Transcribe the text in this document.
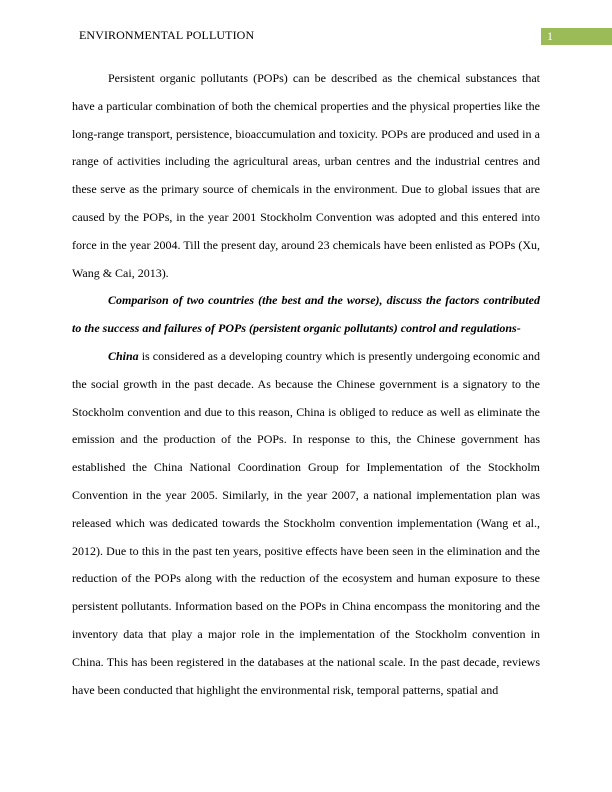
ENVIRONMENTAL POLLUTION	1

Persistent organic pollutants (POPs) can be described as the chemical substances that have a particular combination of both the chemical properties and the physical properties like the long-range transport, persistence, bioaccumulation and toxicity. POPs are produced and used in a range of activities including the agricultural areas, urban centres and the industrial centres and these serve as the primary source of chemicals in the environment. Due to global issues that are caused by the POPs, in the year 2001 Stockholm Convention was adopted and this entered into force in the year 2004. Till the present day, around 23 chemicals have been enlisted as POPs (Xu, Wang & Cai, 2013).

Comparison of two countries (the best and the worse), discuss the factors contributed to the success and failures of POPs (persistent organic pollutants) control and regulations-

China is considered as a developing country which is presently undergoing economic and the social growth in the past decade. As because the Chinese government is a signatory to the Stockholm convention and due to this reason, China is obliged to reduce as well as eliminate the emission and the production of the POPs. In response to this, the Chinese government has established the China National Coordination Group for Implementation of the Stockholm Convention in the year 2005. Similarly, in the year 2007, a national implementation plan was released which was dedicated towards the Stockholm convention implementation (Wang et al., 2012). Due to this in the past ten years, positive effects have been seen in the elimination and the reduction of the POPs along with the reduction of the ecosystem and human exposure to these persistent pollutants. Information based on the POPs in China encompass the monitoring and the inventory data that play a major role in the implementation of the Stockholm convention in China. This has been registered in the databases at the national scale. In the past decade, reviews have been conducted that highlight the environmental risk, temporal patterns, spatial and
